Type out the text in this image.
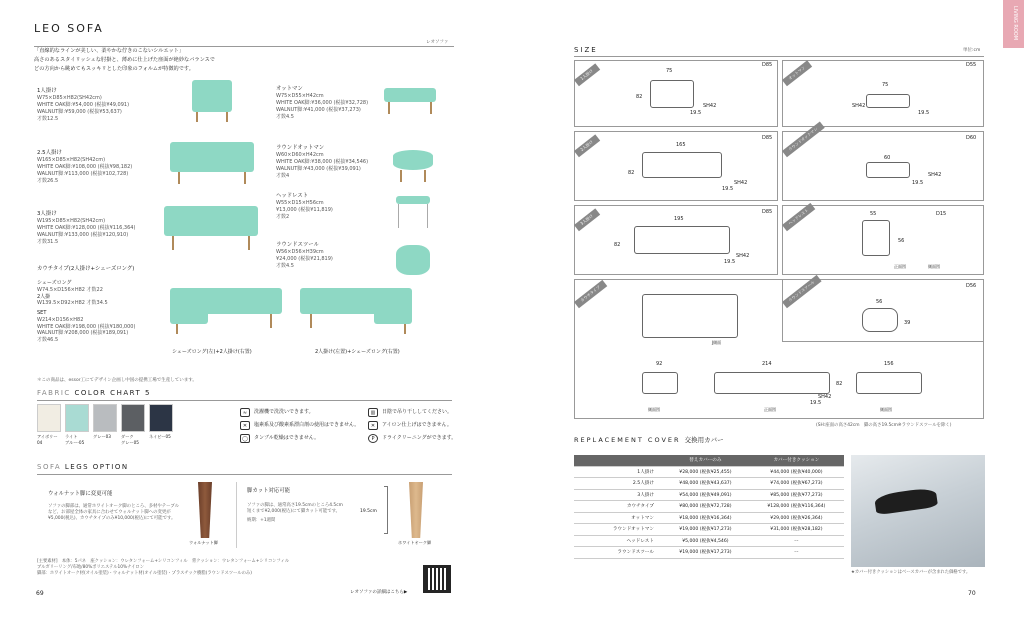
LEO SOFA
レオソファ
「直線的なラインが美しい、柔やかな佇きのこないシルエット」
高さのあるスタイリッシュな肘掛と、薄めに仕上げた座面が絶妙なバランスで
どの方向から眺めてもスッキリとした印象のフォルムが特徴的です。
1人掛け
W75×D85×H82(SH42cm)
WHITE OAK脚:¥54,000 (税抜¥49,091)
WALNUT脚:¥59,000 (税抜¥53,637)
才数12.5
2.5人掛け
W165×D85×H82(SH42cm)
WHITE OAK脚:¥108,000 (税抜¥98,182)
WALNUT脚:¥113,000 (税抜¥102,728)
才数26.5
3人掛け
W195×D85×H82(SH42cm)
WHITE OAK脚:¥128,000 (税抜¥116,364)
WALNUT脚:¥133,000 (税抜¥120,910)
才数31.5
オットマン
W75×D55×H42cm
WHITE OAK脚:¥36,000 (税抜¥32,728)
WALNUT脚:¥41,000 (税抜¥37,273)
才数4.5
ラウンドオットマン
W60×D60×H42cm
WHITE OAK脚:¥38,000 (税抜¥34,546)
WALNUT脚:¥43,000 (税抜¥39,091)
才数4
ヘッドレスト
W55×D15×H56cm
¥13,000 (税抜¥11,819)
才数2
ラウンドスツール
W56×D56×H39cm
¥24,000 (税抜¥21,819)
才数4.5
カウチタイプ(2人掛け+シェーズロング)
シェーズロング
W74.5×D156×H82 才数22
2人掛
W139.5×D92×H82 才数34.5
SET
W214×D156×H82
WHITE OAK脚:¥198,000 (税抜¥180,000)
WALNUT脚:¥208,000 (税抜¥189,091)
才数46.5
シェーズロング(左)+2人掛け(右置)	2人掛け(左置)+シェーズロング(右置)
＊この商品は、essor工にてデザイン企画し中国の提携工場で生産しています。
FABRIC COLOR CHART 5
アイボリー
04
ライト
ブルー-05
グレー03 ダーク
グレー05
ネイビー05
≈	洗濯機で洗洗いできます。
✕	塩素系及び酸素系漂白剤の使用はできません。
◯	タンブル乾燥はできません。
▥	日陰で吊り干ししてください。
✕	アイロン仕上げはできません。
P	ドライクリーニングができます。
SOFA LEGS OPTION
ウォルナット脚に変更可能
ソファの脚部は、通常ホワイトオーク脚のところ、多材やテーブル
など、お部屋全体の家具に合わせてウォルナット脚への変更が
¥5,000(税込)、カウチタイプのみ¥10,000(税込)にて可能です。
ウォルナット脚
脚カット対応可能
ソファの脚は、通常高さ19.5cmのところ4.5cm
短くまで¥2,000(税込)にて脚カット可能です。
納期：+1週間
19.5cm
ホワイトオーク脚
[主要素材]　本体：5パネ　座クッション：ウレタンフォーム+シリコンフィル　背クッション：ウレタンフォーム+シリコンフィル
ブルガリーリング/布地/80%ポリエステル10%ナイロン
脚部：ホワイトオーク材(オイル塗装)・ウォルナット材(オイル塗装)・プラスチック樹脂(ラウンドスツールのみ)
レオソファの詳細はこちら▶
69
LIVING ROOM
SIZE	単位:cm
1人掛け	オットマン
2人掛け	ラウンドオットマン
3人掛け	ヘッドレスト
カウチタイプ	ラウンドスツール
D85	D55
D85	D60
D85
D56
75
82
SH42
19.5
75
SH42
19.5
165
82
SH42
19.5
60
SH42
19.5
195
82
SH42
19.5
55	D15
56
正面図	側面図
J側面
92	214	156
82
SH42
19.5
側面図	正面図	側面図
56
39
(SH:座面の高さ42cm　脚の高さ19.5cm※ラウンドスツールを除く)
REPLACEMENT COVER 交換用カバー
	替えカバーのみ	カバー付きクッション
1人掛け	¥28,000 (税抜¥25,455)	¥44,000 (税抜¥40,000)
2.5人掛け	¥48,000 (税抜¥43,637)	¥74,000 (税抜¥67,273)
3人掛け	¥54,000 (税抜¥49,091)	¥85,000 (税抜¥77,273)
カウチタイプ	¥80,000 (税抜¥72,728)	¥128,000 (税抜¥116,364)
オットマン	¥18,000 (税抜¥16,364)	¥29,000 (税抜¥26,364)
ラウンドオットマン	¥19,000 (税抜¥17,273)	¥31,000 (税抜¥28,182)
ヘッドレスト	¥5,000 (税抜¥4,546)	ー
ラウンドスツール	¥19,000 (税抜¥17,273)	ー
★カバー付きクッションはベースカバーが含まれた価格です。
70
